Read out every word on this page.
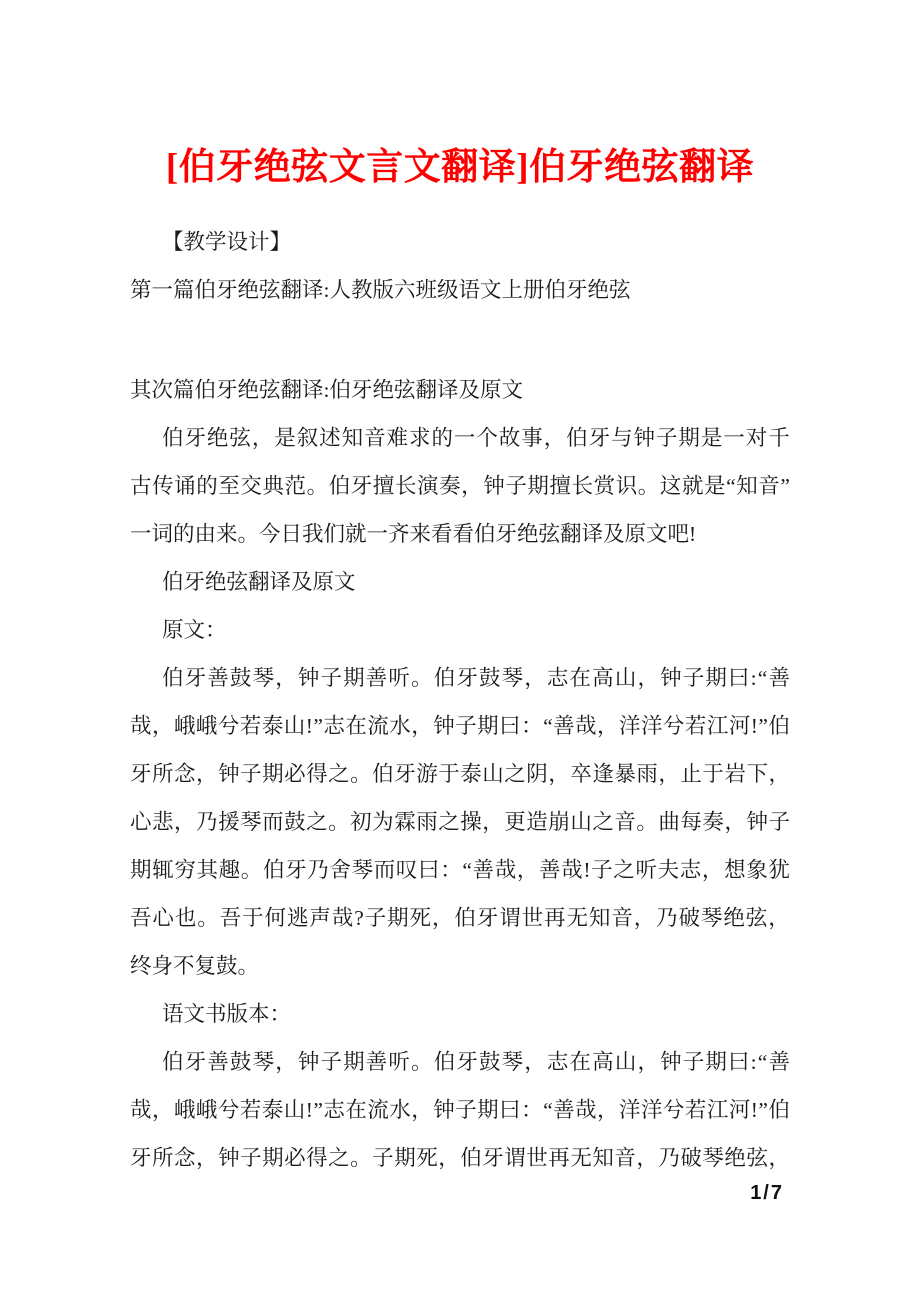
[伯牙绝弦文言文翻译]伯牙绝弦翻译
【教学设计】
第一篇伯牙绝弦翻译:人教版六班级语文上册伯牙绝弦
其次篇伯牙绝弦翻译:伯牙绝弦翻译及原文
伯 牙 绝 弦 ， 是 叙 述 知 音 难 求 的 一 个 故 事 ， 伯 牙 与 钟 子 期 是 一 对 千
古 传 诵 的 至 交 典 范 。 伯 牙 擅 长 演 奏 ， 钟 子 期 擅 长 赏 识 。 这 就 是 “ 知 音 ”
一词的由来。今日我们就一齐来看看伯牙绝弦翻译及原文吧!
伯牙绝弦翻译及原文
原文：
伯 牙 善 鼓 琴 ， 钟 子 期 善 听 。 伯 牙 鼓 琴 ， 志 在 高 山 ， 钟 子 期 曰 : “ 善
哉 ， 峨 峨 兮 若 泰 山 ! ” 志 在 流 水 ， 钟 子 期 曰 ： “ 善 哉 ， 洋 洋 兮 若 江 河 ! ” 伯
牙 所 念 ， 钟 子 期 必 得 之 。 伯 牙 游 于 泰 山 之 阴 ， 卒 逢 暴 雨 ， 止 于 岩 下 ，
心 悲 ， 乃 援 琴 而 鼓 之 。 初 为 霖 雨 之 操 ， 更 造 崩 山 之 音 。 曲 每 奏 ， 钟 子
期 辄 穷 其 趣 。 伯 牙 乃 舍 琴 而 叹 曰 ： “ 善 哉 ， 善 哉 ! 子 之 听 夫 志 ， 想 象 犹
吾 心 也 。 吾 于 何 逃 声 哉 ? 子 期 死 ， 伯 牙 谓 世 再 无 知 音 ， 乃 破 琴 绝 弦 ，
终身不复鼓。
语文书版本：
伯 牙 善 鼓 琴 ， 钟 子 期 善 听 。 伯 牙 鼓 琴 ， 志 在 高 山 ， 钟 子 期 曰 : “ 善
哉 ， 峨 峨 兮 若 泰 山 ! ” 志 在 流 水 ， 钟 子 期 曰 ： “ 善 哉 ， 洋 洋 兮 若 江 河 ! ” 伯
牙 所 念 ， 钟 子 期 必 得 之 。 子 期 死 ， 伯 牙 谓 世 再 无 知 音 ， 乃 破 琴 绝 弦 ，
1/7
